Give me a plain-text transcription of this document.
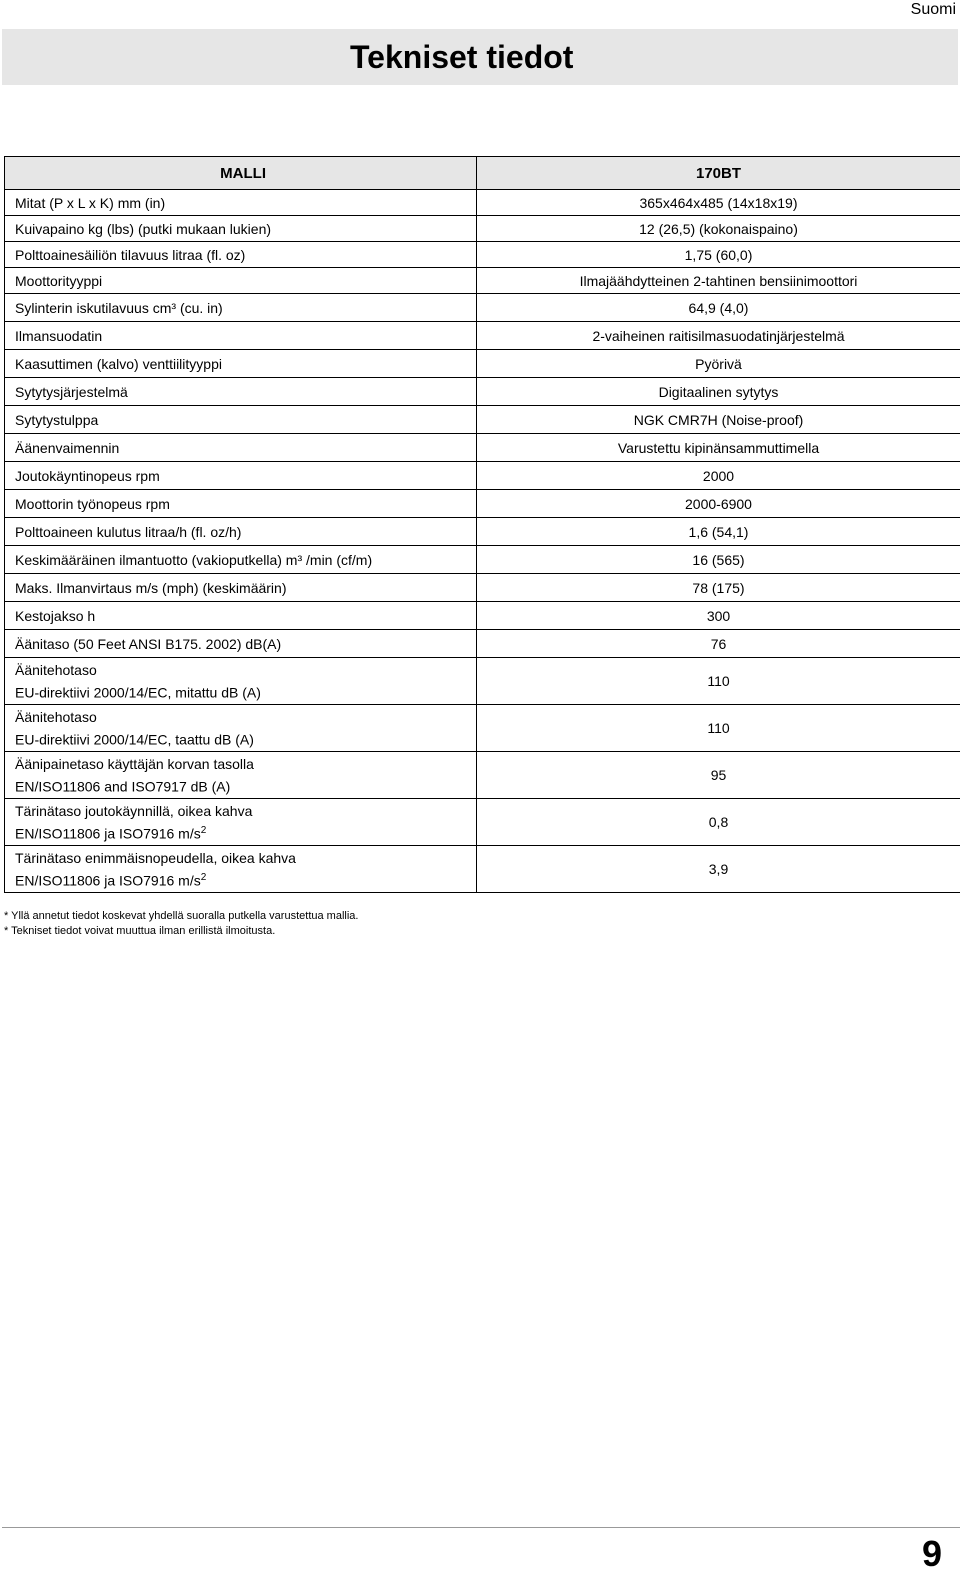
Suomi
Tekniset tiedot
MALLI	170BT
Mitat (P x L x K) mm (in)	365x464x485 (14x18x19)
Kuivapaino kg (lbs) (putki mukaan lukien)	12 (26,5) (kokonaispaino)
Polttoainesäiliön tilavuus litraa (fl. oz)	1,75 (60,0)
Moottorityyppi	Ilmajäähdytteinen 2-tahtinen bensiinimoottori
Sylinterin iskutilavuus cm³ (cu. in)	64,9 (4,0)
Ilmansuodatin	2-vaiheinen raitisilmasuodatinjärjestelmä
Kaasuttimen (kalvo) venttiilityyppi	Pyörivä
Sytytysjärjestelmä	Digitaalinen sytytys
Sytytystulppa	NGK CMR7H (Noise-proof)
Äänenvaimennin	Varustettu kipinänsammuttimella
Joutokäyntinopeus rpm	2000
Moottorin työnopeus rpm	2000-6900
Polttoaineen kulutus litraa/h (fl. oz/h)	1,6 (54,1)
Keskimääräinen ilmantuotto (vakioputkella) m³ /min (cf/m)	16 (565)
Maks. Ilmanvirtaus m/s (mph) (keskimäärin)	78 (175)
Kestojakso h	300
Äänitaso (50 Feet ANSI B175. 2002) dB(A)	76

Äänitehotaso
EU-direktiivi 2000/14/EC, mitattu dB (A)	110

Äänitehotaso
EU-direktiivi 2000/14/EC, taattu dB (A)	110

Äänipainetaso käyttäjän korvan tasolla
EN/ISO11806 and ISO7917 dB (A)	95

Tärinätaso joutokäynnillä, oikea kahva
EN/ISO11806 ja ISO7916 $m/s^2$	0,8

Tärinätaso enimmäisnopeudella, oikea kahva
EN/ISO11806 ja ISO7916 $m/s^2$	3,9
* Yllä annetut tiedot koskevat yhdellä suoralla putkella varustettua mallia.
* Tekniset tiedot voivat muuttua ilman erillistä ilmoitusta.
9
